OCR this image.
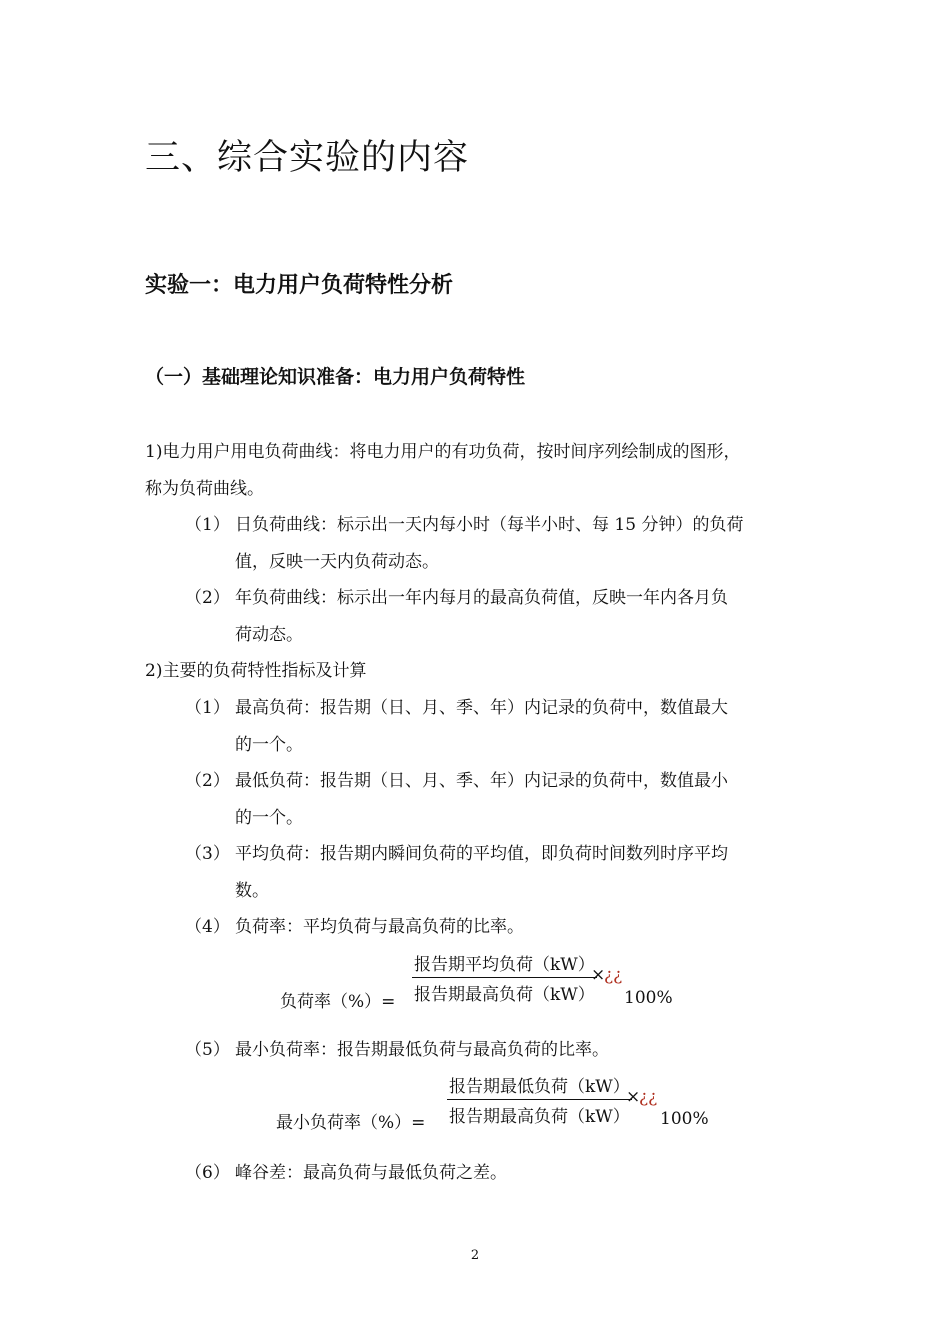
三、综合实验的内容
实验一：电力用户负荷特性分析
（一）基础理论知识准备：电力用户负荷特性
1)电力用户用电负荷曲线：将电力用户的有功负荷，按时间序列绘制成的图形，
称为负荷曲线。
（1） 日负荷曲线：标示出一天内每小时（每半小时、每 15 分钟）的负荷
值，反映一天内负荷动态。
（2） 年负荷曲线：标示出一年内每月的最高负荷值，反映一年内各月负
荷动态。
2)主要的负荷特性指标及计算
（1） 最高负荷：报告期（日、月、季、年）内记录的负荷中，数值最大
的一个。
（2） 最低负荷：报告期（日、月、季、年）内记录的负荷中，数值最小
的一个。
（3） 平均负荷：报告期内瞬间负荷的平均值，即负荷时间数列时序平均
数。
（4） 负荷率：平均负荷与最高负荷的比率。
负荷率（%）=
报告期平均负荷（kW）
报告期最高负荷（kW）
×
¿¿
100%
（5） 最小负荷率：报告期最低负荷与最高负荷的比率。
最小负荷率（%）=
报告期最低负荷（kW）
报告期最高负荷（kW）
×
¿¿
100%
（6） 峰谷差：最高负荷与最低负荷之差。
2
